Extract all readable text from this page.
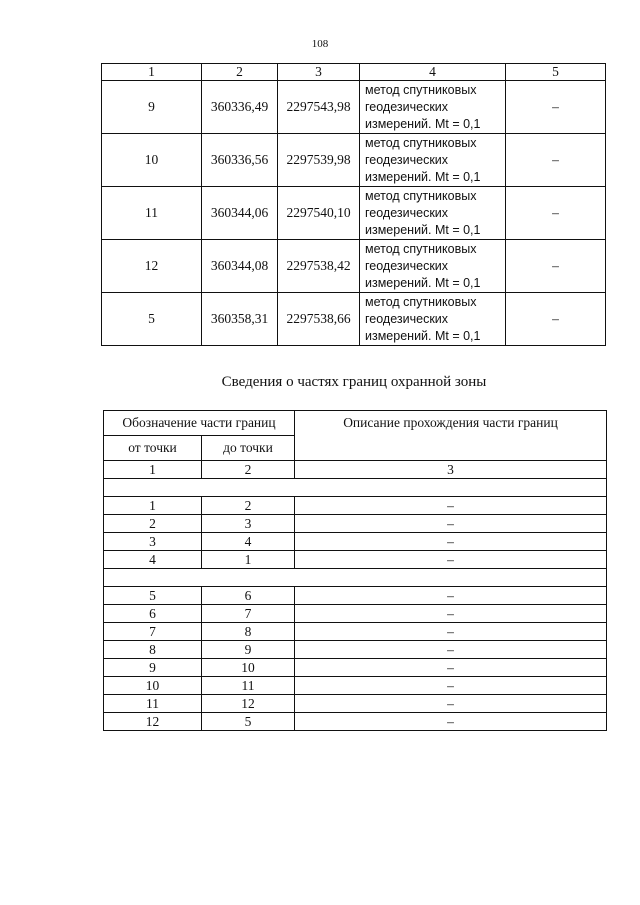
108
1	2	3	4	5
9	360336,49	2297543,98	метод спутниковых
геодезических
измерений. Mt = 0,1	–
10	360336,56	2297539,98	метод спутниковых
геодезических
измерений. Mt = 0,1	–
11	360344,06	2297540,10	метод спутниковых
геодезических
измерений. Mt = 0,1	–
12	360344,08	2297538,42	метод спутниковых
геодезических
измерений. Mt = 0,1	–
5	360358,31	2297538,66	метод спутниковых
геодезических
измерений. Mt = 0,1	–
Сведения о частях границ охранной зоны
Обозначение части границ		Описание прохождения части границ
от точки	до точки	
1	2	3

1	2	–
2	3	–
3	4	–
4	1	–

5	6	–
6	7	–
7	8	–
8	9	–
9	10	–
10	11	–
11	12	–
12	5	–
